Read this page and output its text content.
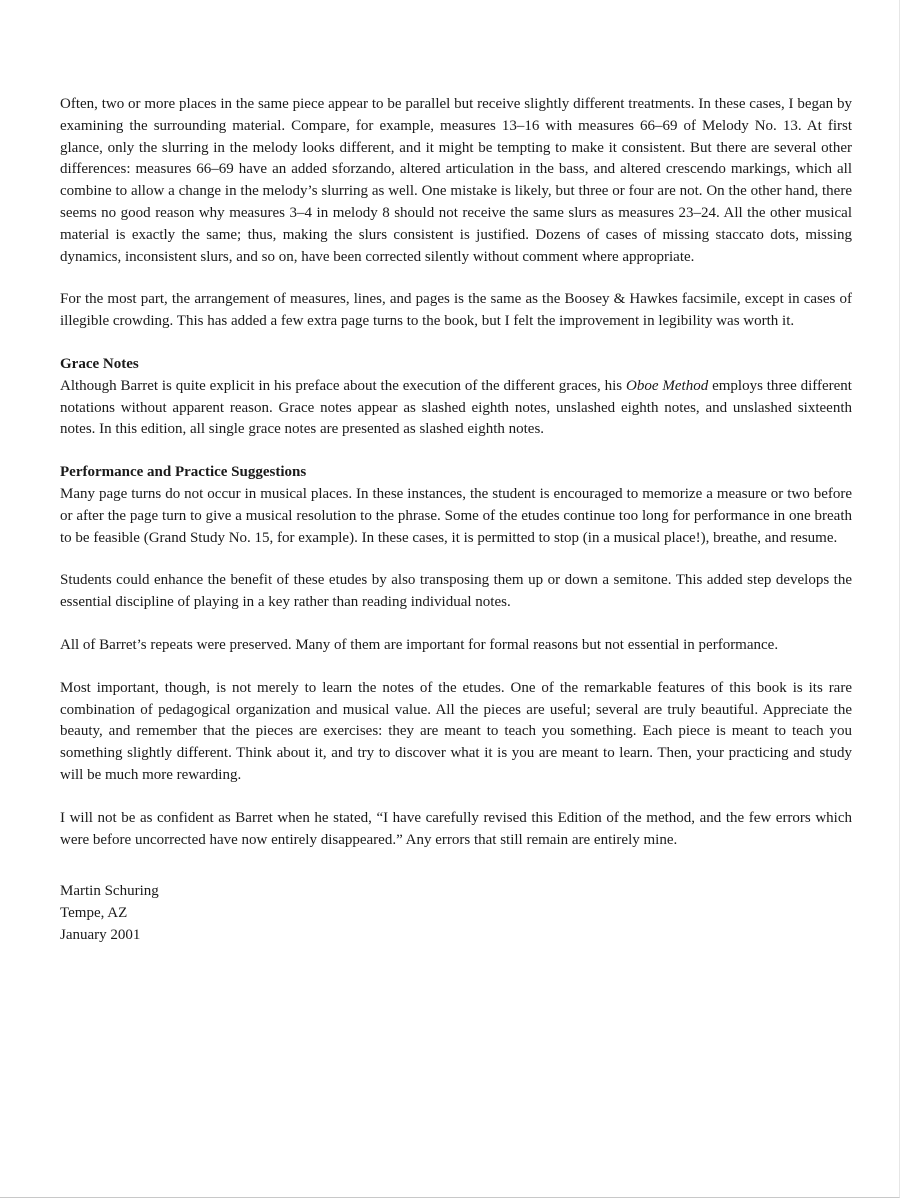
Often, two or more places in the same piece appear to be parallel but receive slightly different treatments. In these cases, I began by examining the surrounding material. Compare, for example, measures 13–16 with measures 66–69 of Melody No. 13. At first glance, only the slurring in the melody looks different, and it might be tempting to make it consistent. But there are several other differences: measures 66–69 have an added sforzando, altered articulation in the bass, and altered crescendo markings, which all combine to allow a change in the melody’s slurring as well. One mistake is likely, but three or four are not. On the other hand, there seems no good reason why measures 3–4 in melody 8 should not receive the same slurs as measures 23–24. All the other musical material is exactly the same; thus, making the slurs consistent is justified. Dozens of cases of missing staccato dots, missing dynamics, inconsistent slurs, and so on, have been corrected silently without comment where appropriate.

For the most part, the arrangement of measures, lines, and pages is the same as the Boosey & Hawkes facsimile, except in cases of illegible crowding. This has added a few extra page turns to the book, but I felt the improvement in legibility was worth it.

Grace Notes

Although Barret is quite explicit in his preface about the execution of the different graces, his Oboe Method employs three different notations without apparent reason. Grace notes appear as slashed eighth notes, unslashed eighth notes, and unslashed sixteenth notes. In this edition, all single grace notes are presented as slashed eighth notes.

Performance and Practice Suggestions

Many page turns do not occur in musical places. In these instances, the student is encouraged to memorize a measure or two before or after the page turn to give a musical resolution to the phrase. Some of the etudes continue too long for performance in one breath to be feasible (Grand Study No. 15, for example). In these cases, it is permitted to stop (in a musical place!), breathe, and resume.

Students could enhance the benefit of these etudes by also transposing them up or down a semitone. This added step develops the essential discipline of playing in a key rather than reading individual notes.

All of Barret’s repeats were preserved. Many of them are important for formal reasons but not essential in performance.

Most important, though, is not merely to learn the notes of the etudes. One of the remarkable features of this book is its rare combination of pedagogical organization and musical value. All the pieces are useful; several are truly beautiful. Appreciate the beauty, and remember that the pieces are exercises: they are meant to teach you something. Each piece is meant to teach you something slightly different. Think about it, and try to discover what it is you are meant to learn. Then, your practicing and study will be much more rewarding.

I will not be as confident as Barret when he stated, “I have carefully revised this Edition of the method, and the few errors which were before uncorrected have now entirely disappeared.” Any errors that still remain are entirely mine.

Martin Schuring
Tempe, AZ
January 2001
